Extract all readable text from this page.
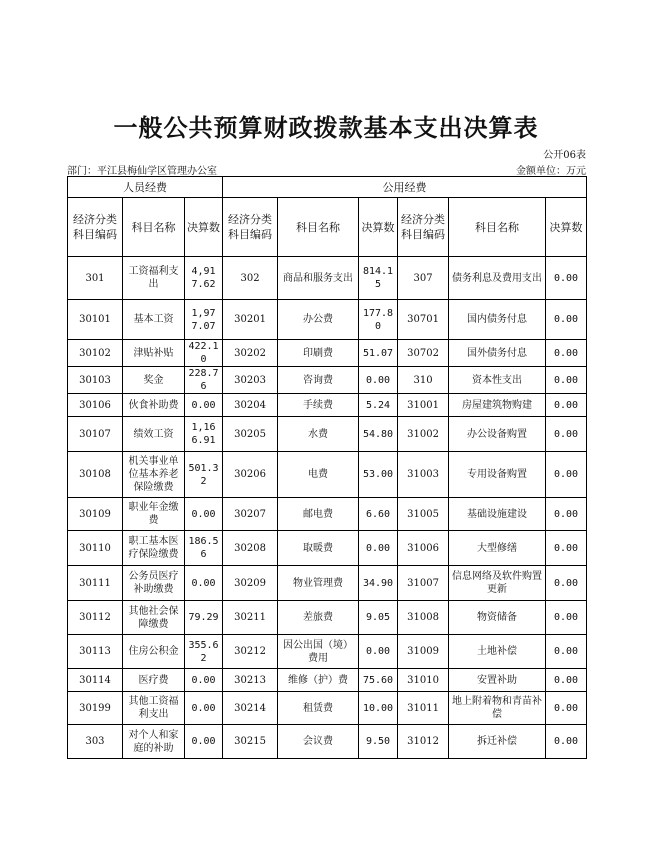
一般公共预算财政拨款基本支出决算表
公开06表
部门：平江县梅仙学区管理办公室	金额单位：万元
人员经费			公用经费					
经济分类科目编码	科目名称	决算数	经济分类科目编码	科目名称	决算数	经济分类科目编码	科目名称	决算数
301	工资福利支出	4,917.62	302	商品和服务支出	814.15	307	债务利息及费用支出	0.00
30101	基本工资	1,977.07	30201	办公费	177.80	30701	国内债务付息	0.00
30102	津贴补贴	422.10	30202	印刷费	51.07	30702	国外债务付息	0.00
30103	奖金	228.76	30203	咨询费	0.00	310	资本性支出	0.00
30106	伙食补助费	0.00	30204	手续费	5.24	31001	房屋建筑物购建	0.00
30107	绩效工资	1,166.91	30205	水费	54.80	31002	办公设备购置	0.00
30108	机关事业单位基本养老保险缴费	501.32	30206	电费	53.00	31003	专用设备购置	0.00
30109	职业年金缴费	0.00	30207	邮电费	6.60	31005	基础设施建设	0.00
30110	职工基本医疗保险缴费	186.56	30208	取暖费	0.00	31006	大型修缮	0.00
30111	公务员医疗补助缴费	0.00	30209	物业管理费	34.90	31007	信息网络及软件购置更新	0.00
30112	其他社会保障缴费	79.29	30211	差旅费	9.05	31008	物资储备	0.00
30113	住房公积金	355.62	30212	因公出国（境）费用	0.00	31009	土地补偿	0.00
30114	医疗费	0.00	30213	维修（护）费	75.60	31010	安置补助	0.00
30199	其他工资福利支出	0.00	30214	租赁费	10.00	31011	地上附着物和青苗补偿	0.00
303	对个人和家庭的补助	0.00	30215	会议费	9.50	31012	拆迁补偿	0.00
